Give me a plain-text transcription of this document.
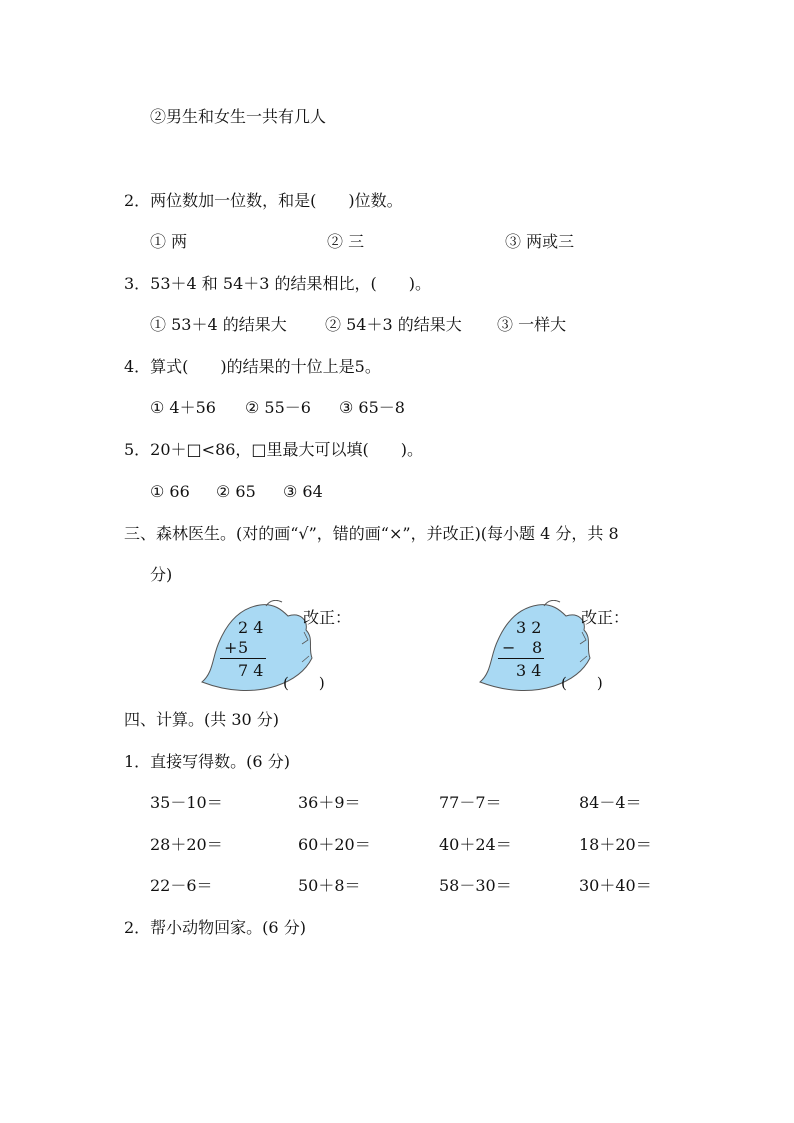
②男生和女生一共有几人
2．两位数加一位数，和是(　　)位数。
① 两	② 三	③ 两或三
3．53＋4 和 54＋3 的结果相比，(　　)。
① 53＋4 的结果大 ② 54＋3 的结果大 ③ 一样大
4．算式(　　)的结果的十位上是5。
① 4＋56 ② 55－6 ③ 65－8
5．20＋□<86，□里最大可以填(　　)。
① 66 ② 65 ③ 64
三、森林医生。(对的画“√”，错的画“×”，并改正)(每小题 4 分，共 8
分)
2 4
+ 5
7 4
改正：
(　　)
3 2
− 8
3 4
改正：
(　　)
四、计算。(共 30 分)
1．直接写得数。(6 分)
35－10＝	36＋9＝	77－7＝	84－4＝
28＋20＝	60＋20＝	40＋24＝	18＋20＝
22－6＝	50＋8＝	58－30＝	30＋40＝
2．帮小动物回家。(6 分)
